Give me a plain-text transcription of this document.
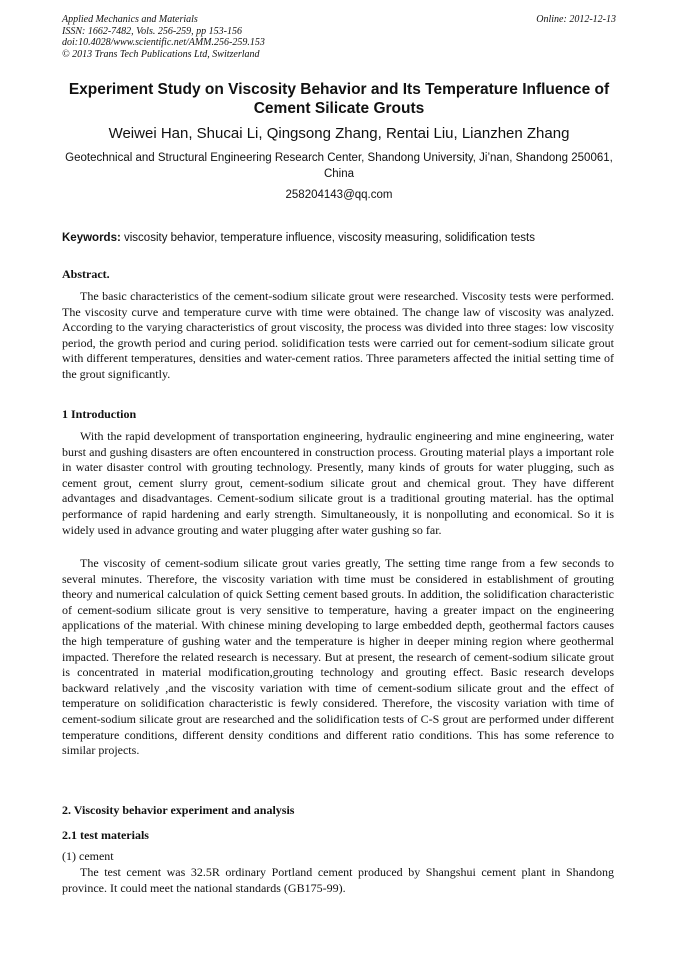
Applied Mechanics and Materials
ISSN: 1662-7482, Vols. 256-259, pp 153-156
doi:10.4028/www.scientific.net/AMM.256-259.153
© 2013 Trans Tech Publications Ltd, Switzerland
Online: 2012-12-13
Experiment Study on Viscosity Behavior and Its Temperature Influence of Cement Silicate Grouts
Weiwei Han, Shucai Li, Qingsong Zhang, Rentai Liu, Lianzhen Zhang
Geotechnical and Structural Engineering Research Center, Shandong University, Ji’nan, Shandong 250061, China
258204143@qq.com
Keywords: viscosity behavior, temperature influence, viscosity measuring, solidification tests
Abstract.
The basic characteristics of the cement-sodium silicate grout were researched. Viscosity tests were performed. The viscosity curve and temperature curve with time were obtained. The change law of viscosity was analyzed. According to the varying characteristics of grout viscosity, the process was divided into three stages: low viscosity period, the growth period and curing period. solidification tests were carried out for cement-sodium silicate grout with different temperatures, densities and water-cement ratios. Three parameters affected the initial setting time of the grout significantly.
1 Introduction
With the rapid development of transportation engineering, hydraulic engineering and mine engineering, water burst and gushing disasters are often encountered in construction process. Grouting material plays a important role in water disaster control with grouting technology. Presently, many kinds of grouts for water plugging, such as cement grout, cement slurry grout, cement-sodium silicate grout and chemical grout. They have different advantages and disadvantages. Cement-sodium silicate grout is a traditional grouting material. has the optimal performance of rapid hardening and early strength. Simultaneously, it is nonpolluting and economical. So it is widely used in advance grouting and water plugging after water gushing so far.
The viscosity of cement-sodium silicate grout varies greatly, The setting time range from a few seconds to several minutes. Therefore, the viscosity variation with time must be considered in establishment of grouting theory and numerical calculation of quick Setting cement based grouts. In addition, the solidification characteristic of cement-sodium silicate grout is very sensitive to temperature, having a greater impact on the engineering applications of the material. With chinese mining developing to large embedded depth, geothermal factors causes the high temperature of gushing water and the temperature is higher in deeper mining region where geothermal impacted. Therefore the related research is necessary. But at present, the research of cement-sodium silicate grout is concentrated in material modification,grouting technology and grouting effect. Basic research develops backward relatively ,and the viscosity variation with time of cement-sodium silicate grout and the effect of temperature on solidification characteristic is fewly considered. Therefore, the viscosity variation with time of cement-sodium silicate grout are researched and the solidification tests of C-S grout are performed under different temperature conditions, different density conditions and different ratio conditions. This has some reference to similar projects.
2. Viscosity behavior experiment and analysis
2.1 test materials
(1) cement
The test cement was 32.5R ordinary Portland cement produced by Shangshui cement plant in Shandong province. It could meet the national standards (GB175-99).
